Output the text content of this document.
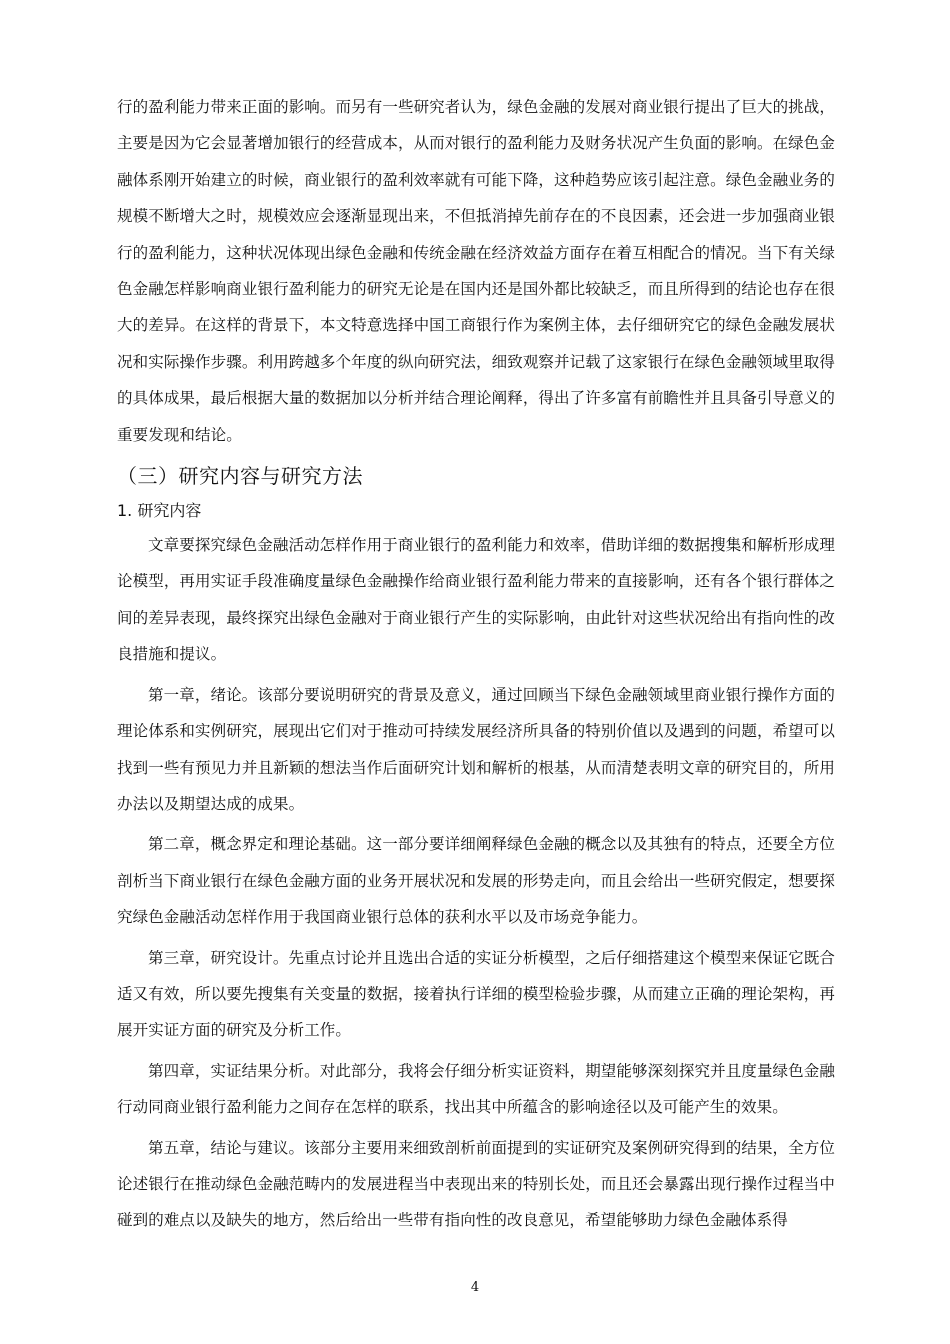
行的盈利能力带来正面的影响。而另有一些研究者认为，绿色金融的发展对商业银行提出了巨大的挑战，主要是因为它会显著增加银行的经营成本，从而对银行的盈利能力及财务状况产生负面的影响。在绿色金融体系刚开始建立的时候，商业银行的盈利效率就有可能下降，这种趋势应该引起注意。绿色金融业务的规模不断增大之时，规模效应会逐渐显现出来，不但抵消掉先前存在的不良因素，还会进一步加强商业银行的盈利能力，这种状况体现出绿色金融和传统金融在经济效益方面存在着互相配合的情况。当下有关绿色金融怎样影响商业银行盈利能力的研究无论是在国内还是国外都比较缺乏，而且所得到的结论也存在很大的差异。在这样的背景下，本文特意选择中国工商银行作为案例主体，去仔细研究它的绿色金融发展状况和实际操作步骤。利用跨越多个年度的纵向研究法，细致观察并记载了这家银行在绿色金融领域里取得的具体成果，最后根据大量的数据加以分析并结合理论阐释，得出了许多富有前瞻性并且具备引导意义的重要发现和结论。

（三）研究内容与研究方法
1. 研究内容

文章要探究绿色金融活动怎样作用于商业银行的盈利能力和效率，借助详细的数据搜集和解析形成理论模型，再用实证手段准确度量绿色金融操作给商业银行盈利能力带来的直接影响，还有各个银行群体之间的差异表现，最终探究出绿色金融对于商业银行产生的实际影响，由此针对这些状况给出有指向性的改良措施和提议。

第一章，绪论。该部分要说明研究的背景及意义，通过回顾当下绿色金融领域里商业银行操作方面的理论体系和实例研究，展现出它们对于推动可持续发展经济所具备的特别价值以及遇到的问题，希望可以找到一些有预见力并且新颖的想法当作后面研究计划和解析的根基，从而清楚表明文章的研究目的，所用办法以及期望达成的成果。

第二章，概念界定和理论基础。这一部分要详细阐释绿色金融的概念以及其独有的特点，还要全方位剖析当下商业银行在绿色金融方面的业务开展状况和发展的形势走向，而且会给出一些研究假定，想要探究绿色金融活动怎样作用于我国商业银行总体的获利水平以及市场竞争能力。

第三章，研究设计。先重点讨论并且选出合适的实证分析模型，之后仔细搭建这个模型来保证它既合适又有效，所以要先搜集有关变量的数据，接着执行详细的模型检验步骤，从而建立正确的理论架构，再展开实证方面的研究及分析工作。

第四章，实证结果分析。对此部分，我将会仔细分析实证资料，期望能够深刻探究并且度量绿色金融行动同商业银行盈利能力之间存在怎样的联系，找出其中所蕴含的影响途径以及可能产生的效果。

第五章，结论与建议。该部分主要用来细致剖析前面提到的实证研究及案例研究得到的结果，全方位论述银行在推动绿色金融范畴内的发展进程当中表现出来的特别长处，而且还会暴露出现行操作过程当中碰到的难点以及缺失的地方，然后给出一些带有指向性的改良意见，希望能够助力绿色金融体系得

4
